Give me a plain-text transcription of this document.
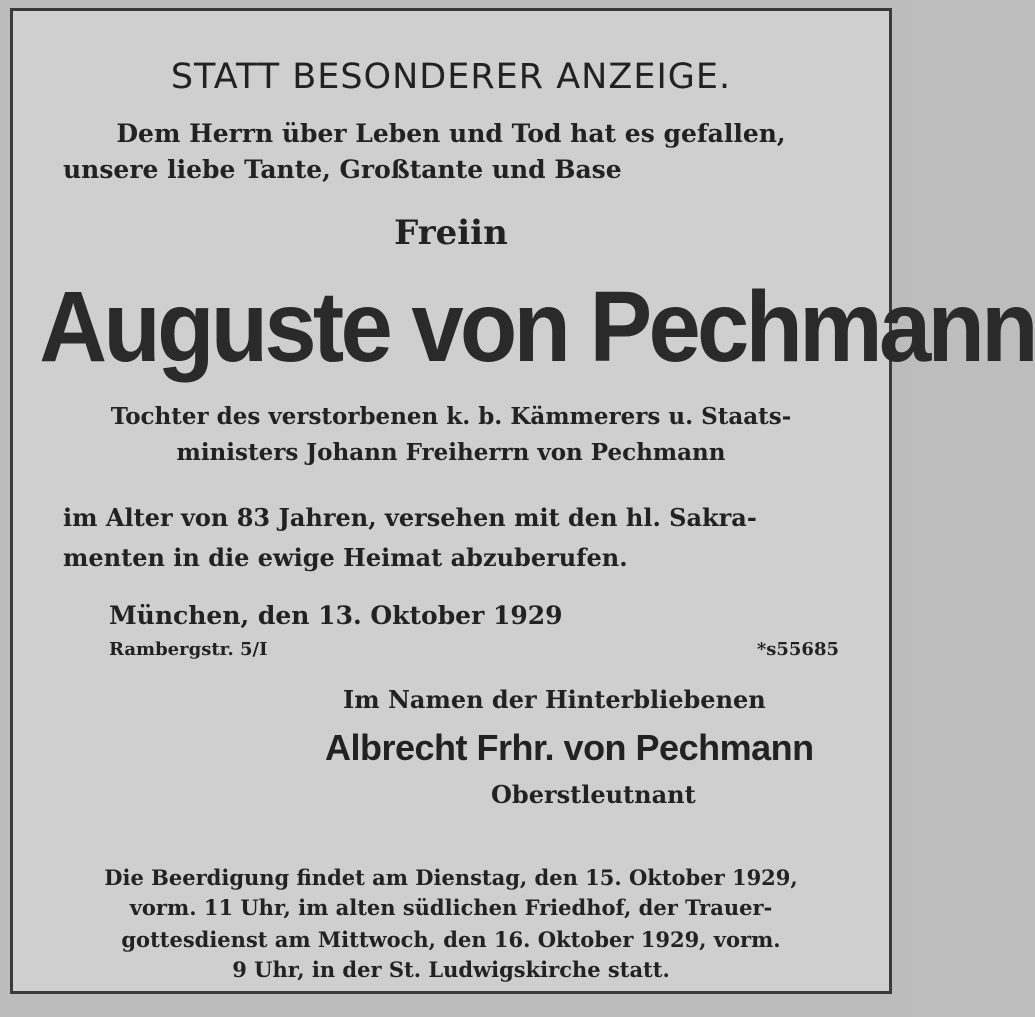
STATT BESONDERER ANZEIGE.
Dem Herrn über Leben und Tod hat es gefallen,
unsere liebe Tante, Großtante und Base
Freiin
Auguste von Pechmann
Tochter des verstorbenen k. b. Kämmerers u. Staats-
ministers Johann Freiherrn von Pechmann
im Alter von 83 Jahren, versehen mit den hl. Sakra-
menten in die ewige Heimat abzuberufen.
München, den 13. Oktober 1929
Rambergstr. 5/I	*s55685
Im Namen der Hinterbliebenen
Albrecht Frhr. von Pechmann
Oberstleutnant
Die Beerdigung findet am Dienstag, den 15. Oktober 1929,
vorm. 11 Uhr, im alten südlichen Friedhof, der Trauer-
gottesdienst am Mittwoch, den 16. Oktober 1929, vorm.
9 Uhr, in der St. Ludwigskirche statt.
